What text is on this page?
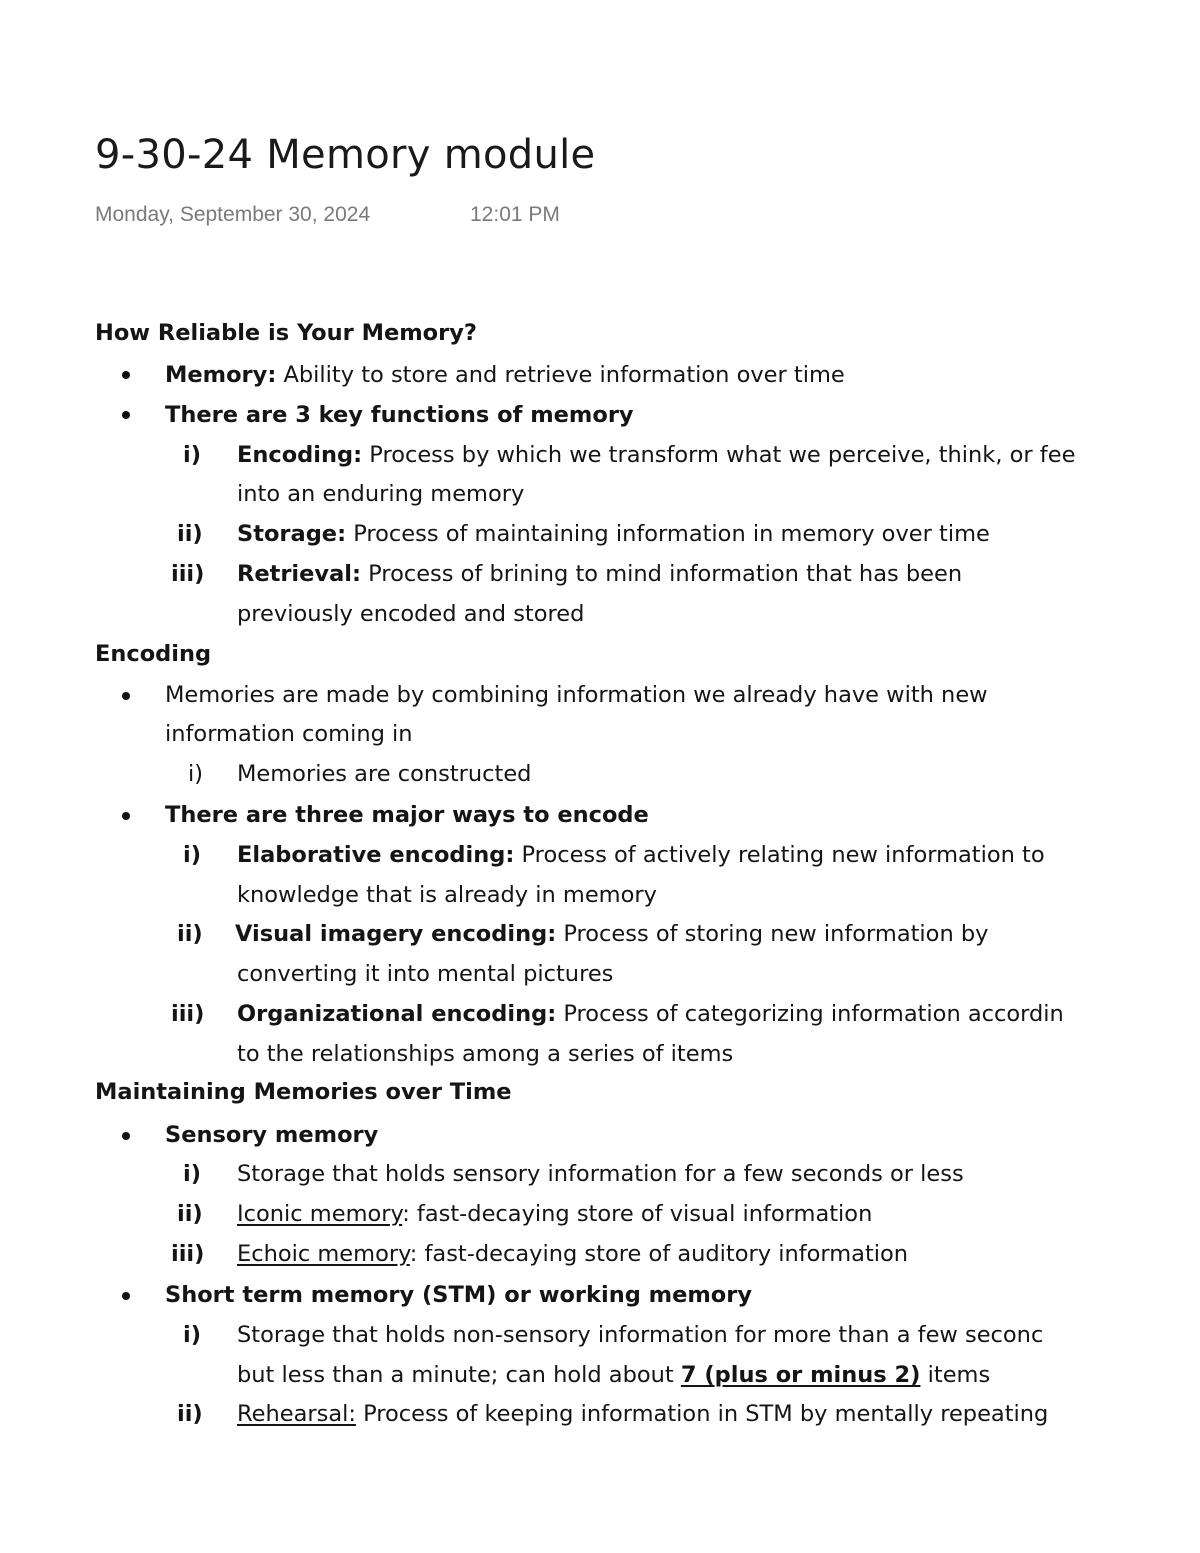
9-30-24 Memory module
Monday, September 30, 2024	12:01 PM
How Reliable is Your Memory?
Memory: Ability to store and retrieve information over time
There are 3 key functions of memory
i) Encoding: Process by which we transform what we perceive, think, or fee
into an enduring memory
ii) Storage: Process of maintaining information in memory over time
iii) Retrieval: Process of brining to mind information that has been
previously encoded and stored
Encoding
Memories are made by combining information we already have with new
information coming in
i) Memories are constructed
There are three major ways to encode
i) Elaborative encoding: Process of actively relating new information to
knowledge that is already in memory
ii) Visual imagery encoding: Process of storing new information by
converting it into mental pictures
iii) Organizational encoding: Process of categorizing information accordin
to the relationships among a series of items
Maintaining Memories over Time
Sensory memory
i) Storage that holds sensory information for a few seconds or less
ii) Iconic memory: fast-decaying store of visual information
iii) Echoic memory: fast-decaying store of auditory information
Short term memory (STM) or working memory
i) Storage that holds non-sensory information for more than a few seconc
but less than a minute; can hold about 7 (plus or minus 2) items
ii) Rehearsal: Process of keeping information in STM by mentally repeating
